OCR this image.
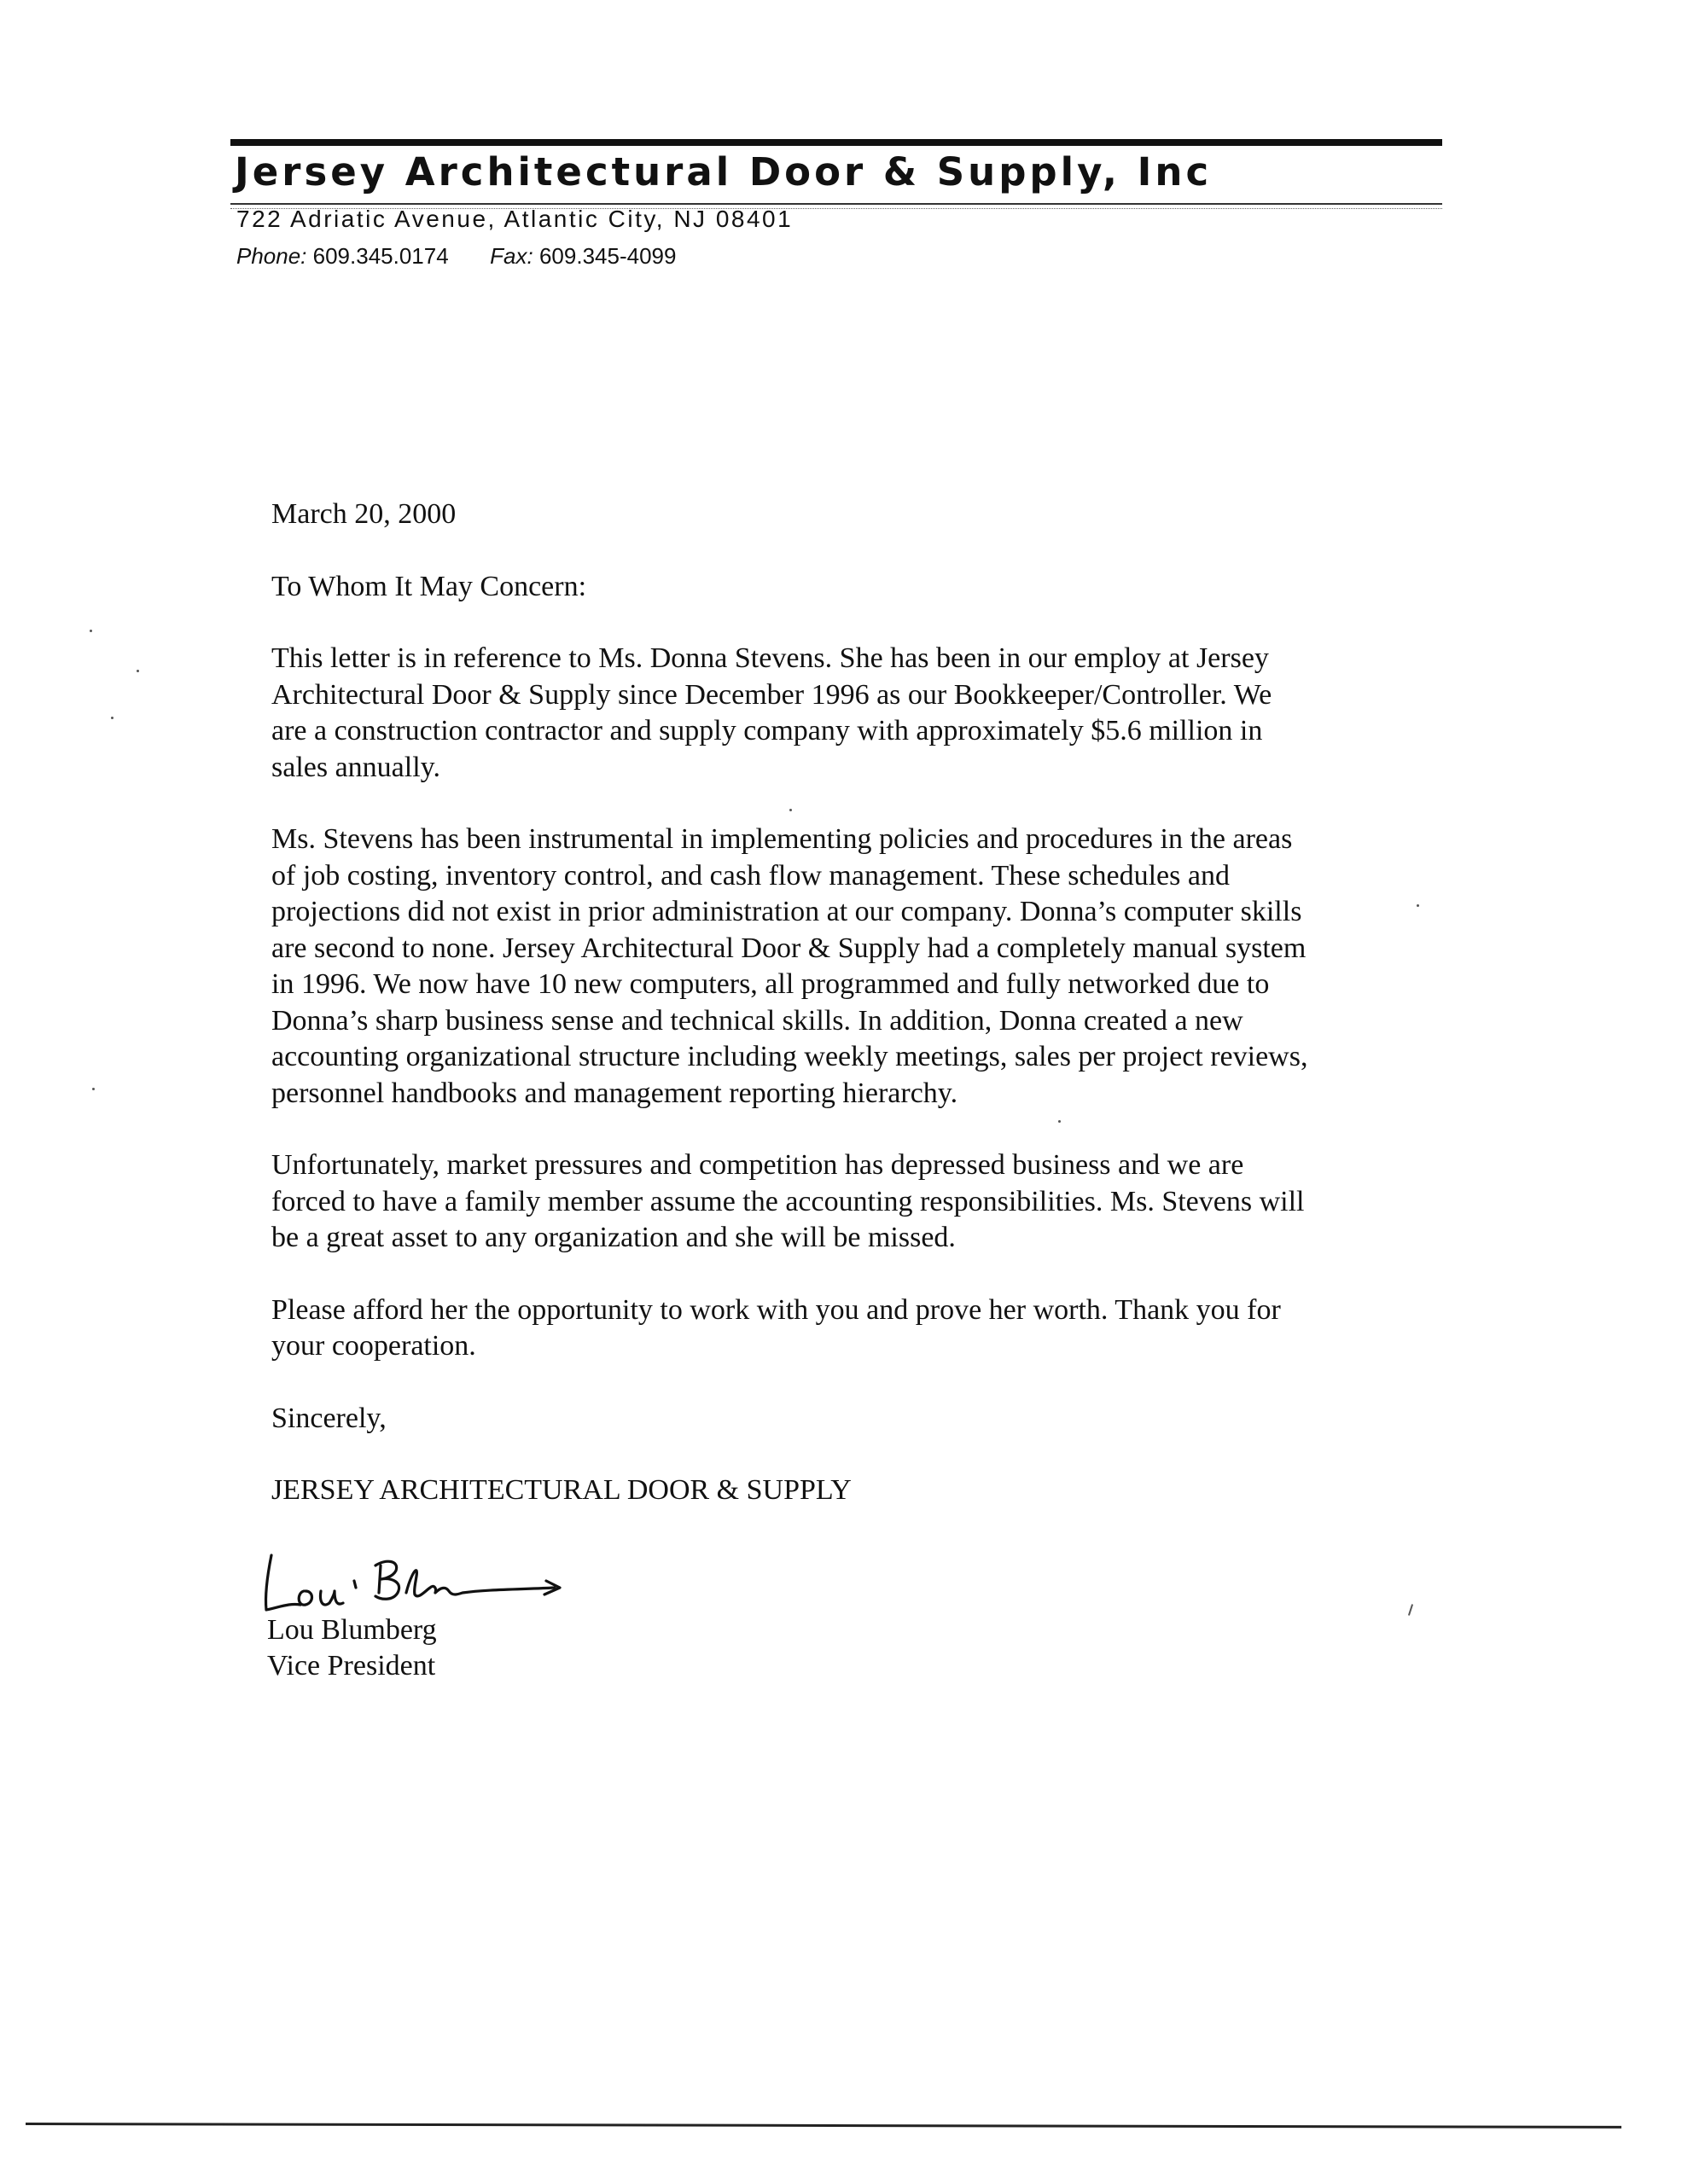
Jersey Architectural Door & Supply, Inc
722 Adriatic Avenue, Atlantic City, NJ 08401
Phone: 609.345.0174 Fax: 609.345-4099
March 20, 2000
To Whom It May Concern:
This letter is in reference to Ms. Donna Stevens. She has been in our employ at Jersey
Architectural Door & Supply since December 1996 as our Bookkeeper/Controller. We
are a construction contractor and supply company with approximately $5.6 million in
sales annually.
Ms. Stevens has been instrumental in implementing policies and procedures in the areas
of job costing, inventory control, and cash flow management. These schedules and
projections did not exist in prior administration at our company. Donna’s computer skills
are second to none. Jersey Architectural Door & Supply had a completely manual system
in 1996. We now have 10 new computers, all programmed and fully networked due to
Donna’s sharp business sense and technical skills. In addition, Donna created a new
accounting organizational structure including weekly meetings, sales per project reviews,
personnel handbooks and management reporting hierarchy.
Unfortunately, market pressures and competition has depressed business and we are
forced to have a family member assume the accounting responsibilities. Ms. Stevens will
be a great asset to any organization and she will be missed.
Please afford her the opportunity to work with you and prove her worth. Thank you for
your cooperation.
Sincerely,
JERSEY ARCHITECTURAL DOOR & SUPPLY
Lou Blumberg
Vice President
